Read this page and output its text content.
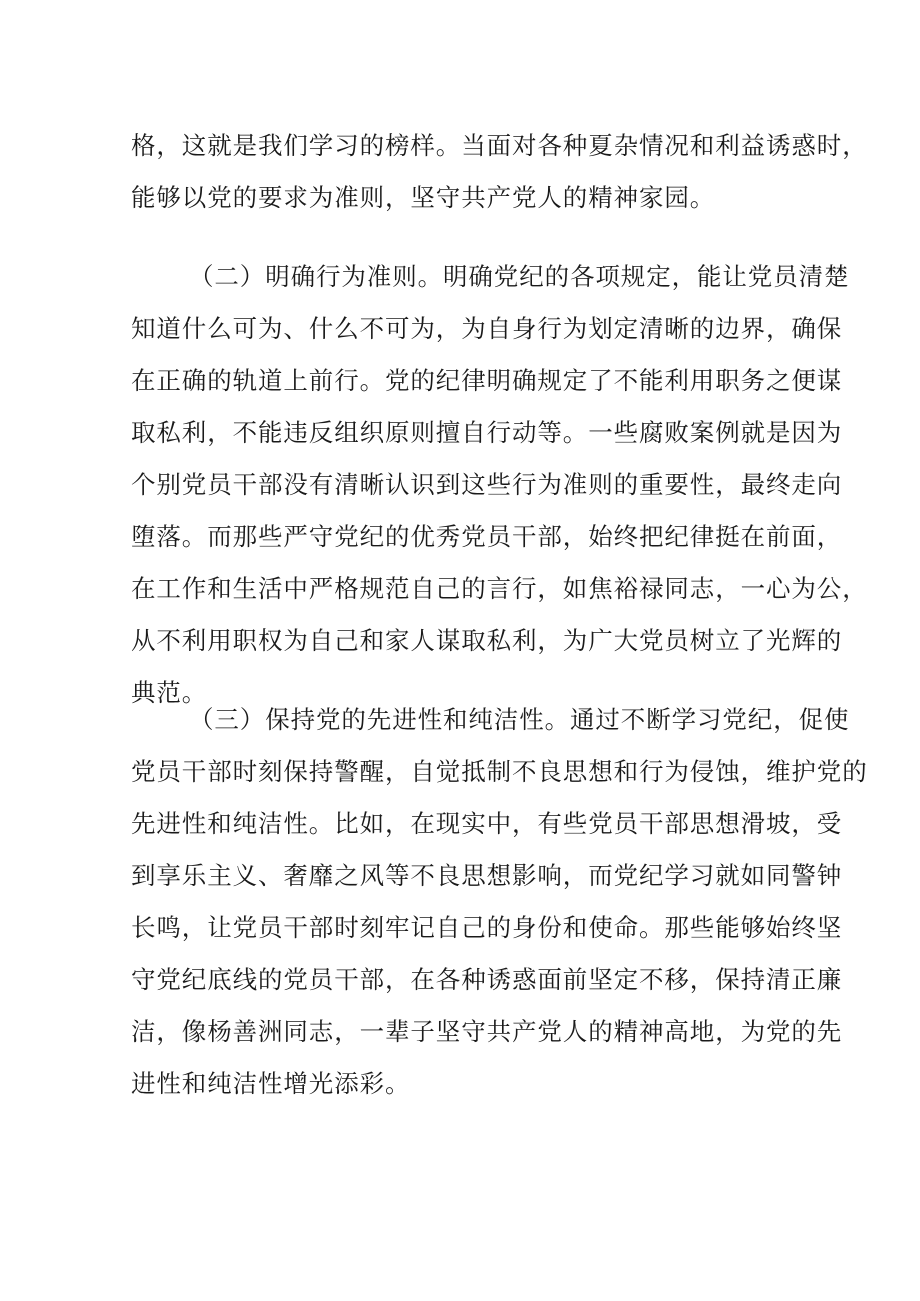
格，这就是我们学习的榜样。当面对各种夏杂情况和利益诱惑时，
能够以党的要求为准则，坚守共产党人的精神家园。
（二）明确行为准则。明确党纪的各项规定，能让党员清楚
知道什么可为、什么不可为，为自身行为划定清晰的边界，确保
在正确的轨道上前行。党的纪律明确规定了不能利用职务之便谋
取私利，不能违反组织原则擅自行动等。一些腐败案例就是因为
个别党员干部没有清晰认识到这些行为准则的重要性，最终走向
堕落。而那些严守党纪的优秀党员干部，始终把纪律挺在前面，
在工作和生活中严格规范自己的言行，如焦裕禄同志，一心为公，
从不利用职权为自己和家人谋取私利，为广大党员树立了光辉的
典范。
（三）保持党的先进性和纯洁性。通过不断学习党纪，促使
党员干部时刻保持警醒，自觉抵制不良思想和行为侵蚀，维护党的
先进性和纯洁性。比如，在现实中，有些党员干部思想滑坡，受
到享乐主义、奢靡之风等不良思想影响，而党纪学习就如同警钟
长鸣，让党员干部时刻牢记自己的身份和使命。那些能够始终坚
守党纪底线的党员干部，在各种诱惑面前坚定不移，保持清正廉
洁，像杨善洲同志，一辈子坚守共产党人的精神高地，为党的先
进性和纯洁性增光添彩。
